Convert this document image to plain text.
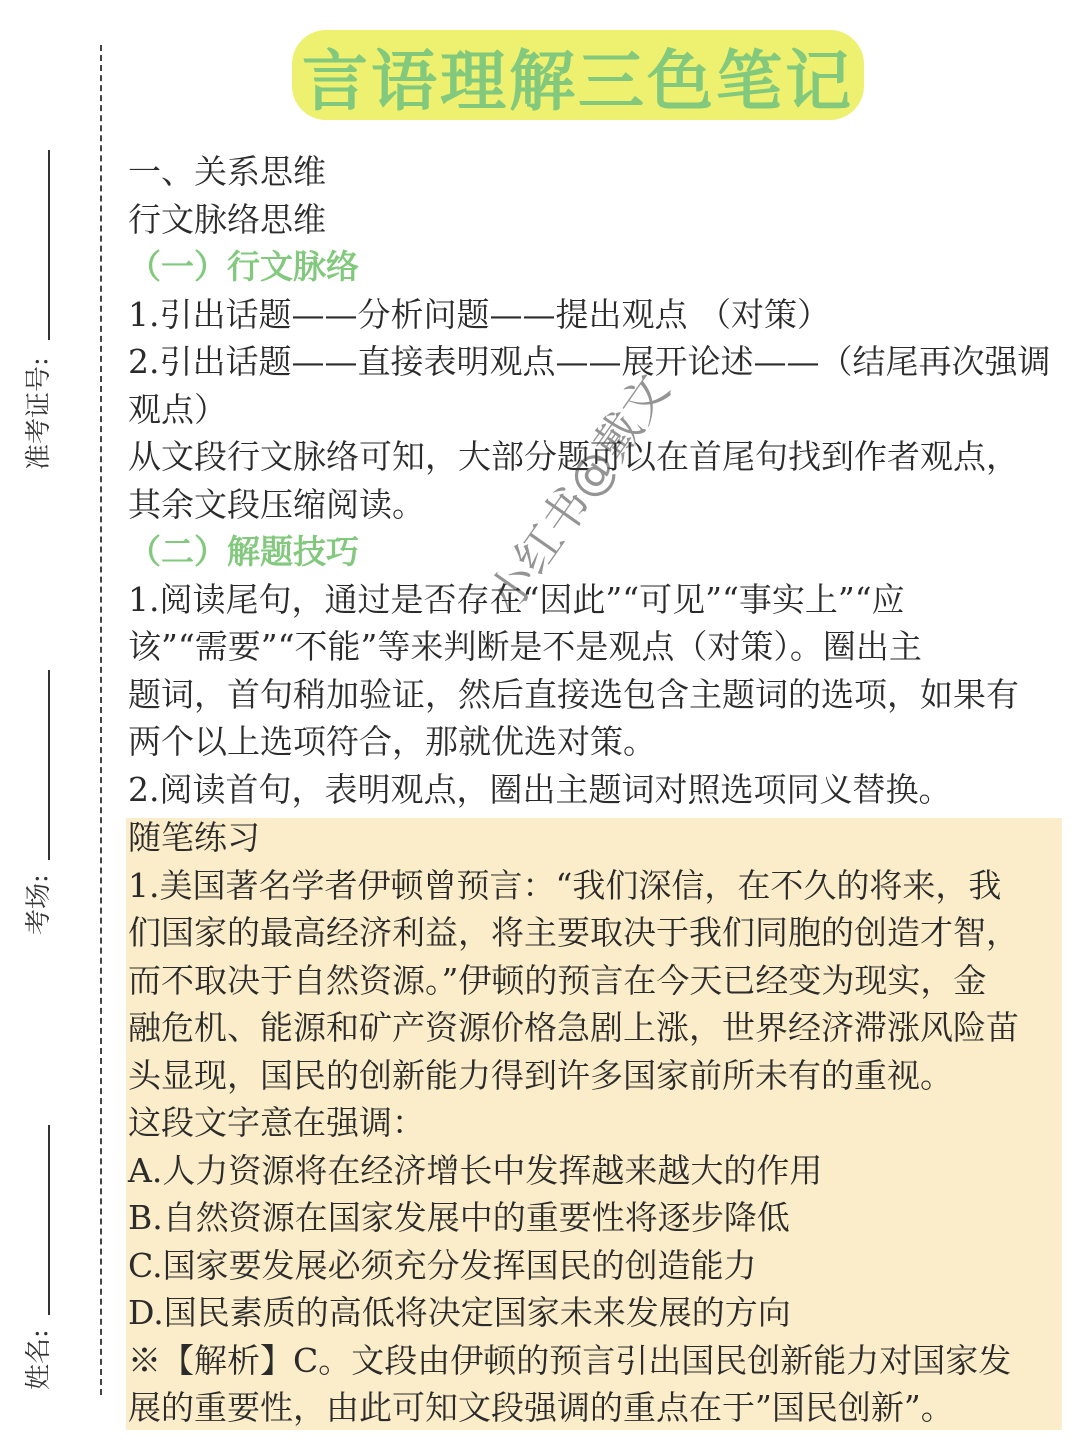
准考证号:
考场:
姓名:
言语理解三色笔记
一、关系思维
行文脉络思维
（一）行文脉络
1.引出话题——分析问题——提出观点 （对策）
2.引出话题——直接表明观点——展开论述——（结尾再次强调
观点）
从文段行文脉络可知，大部分题可以在首尾句找到作者观点，
其余文段压缩阅读。
（二）解题技巧
1.阅读尾句，通过是否存在“因此”“可见”“事实上”“应
该”“需要”“不能”等来判断是不是观点（对策）。圈出主
题词，首句稍加验证，然后直接选包含主题词的选项，如果有
两个以上选项符合，那就优选对策。
2.阅读首句，表明观点，圈出主题词对照选项同义替换。
随笔练习
1.美国著名学者伊顿曾预言：“我们深信，在不久的将来，我
们国家的最高经济利益，将主要取决于我们同胞的创造才智，
而不取决于自然资源。”伊顿的预言在今天已经变为现实，金
融危机、能源和矿产资源价格急剧上涨，世界经济滞涨风险苗
头显现，国民的创新能力得到许多国家前所未有的重视。
这段文字意在强调：
A.人力资源将在经济增长中发挥越来越大的作用
B.自然资源在国家发展中的重要性将逐步降低
C.国家要发展必须充分发挥国民的创造能力
D.国民素质的高低将决定国家未来发展的方向
※【解析】C。文段由伊顿的预言引出国民创新能力对国家发
展的重要性，由此可知文段强调的重点在于”国民创新”。
小红书@戴文
